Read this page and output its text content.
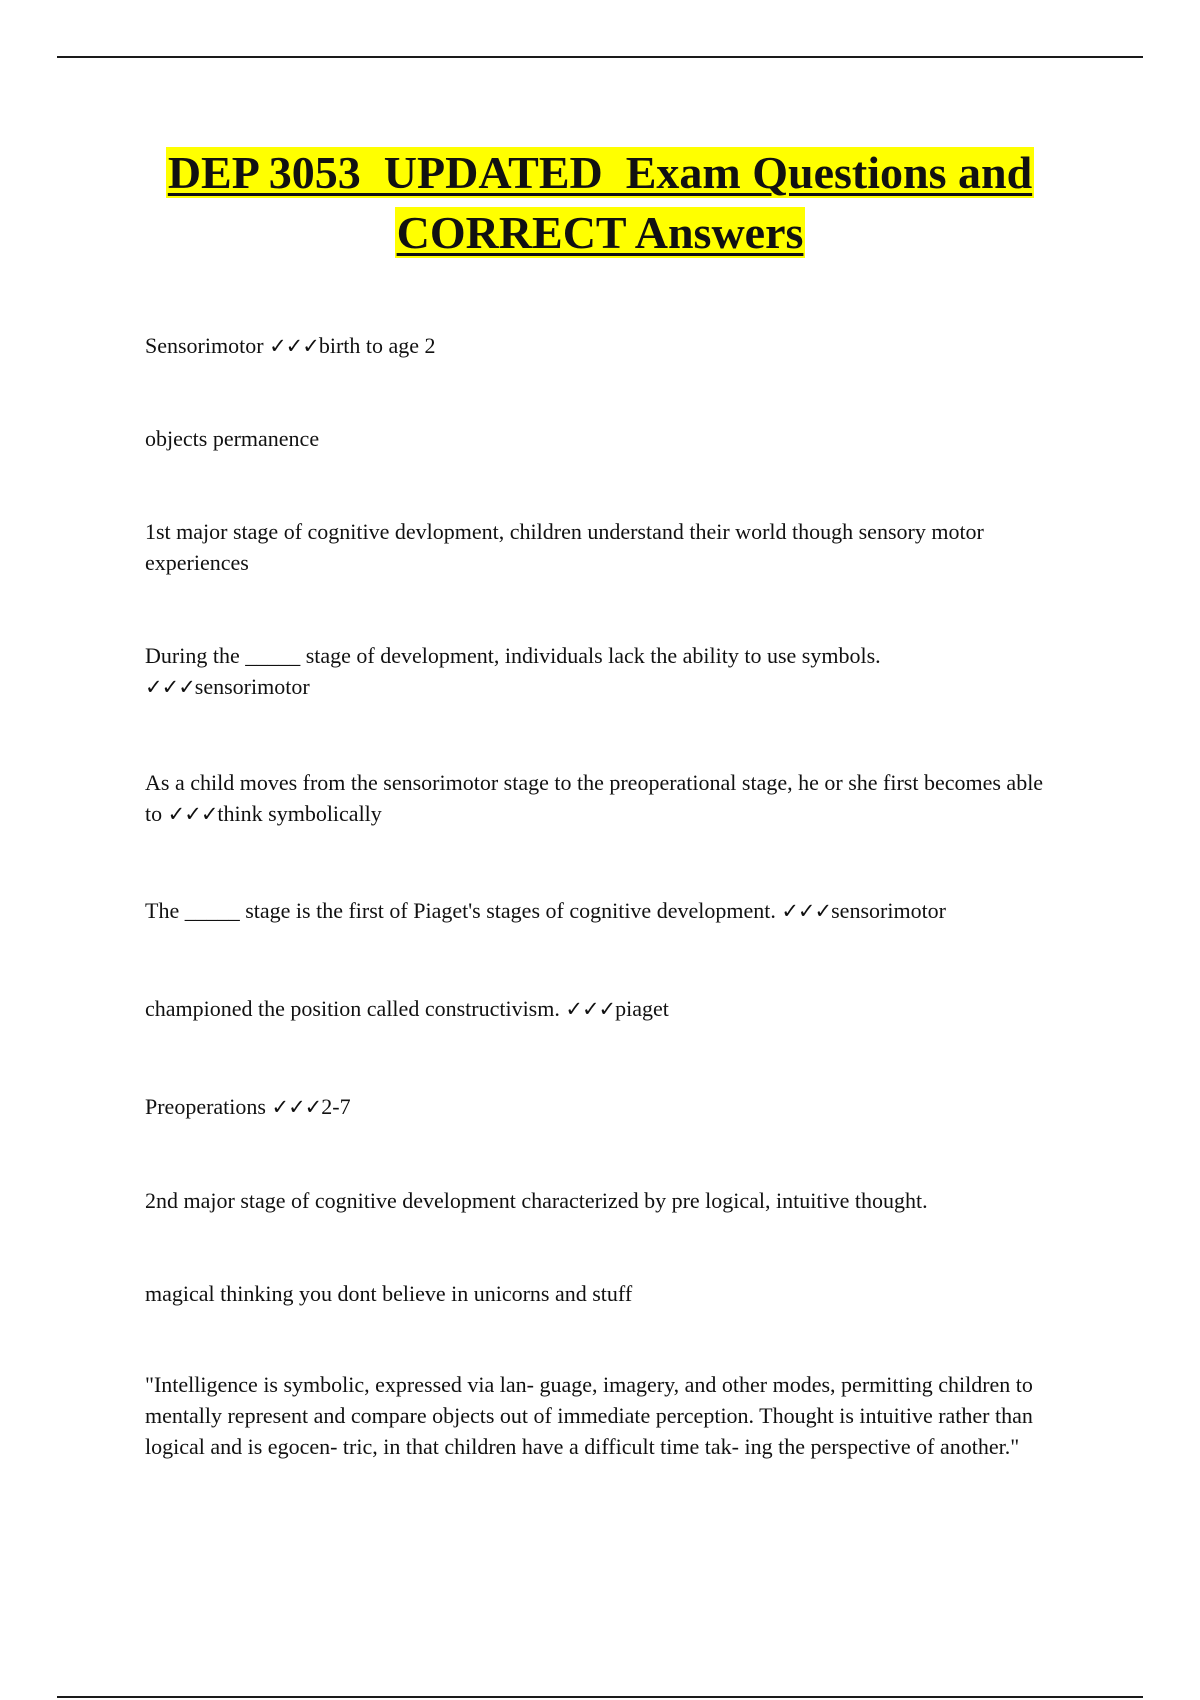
DEP 3053  UPDATED  Exam Questions and
CORRECT Answers

Sensorimotor ✓✓✓birth to age 2

objects permanence

1st major stage of cognitive devlopment, children understand their world though sensory motor experiences

During the _____ stage of development, individuals lack the ability to use symbols.
✓✓✓sensorimotor

As a child moves from the sensorimotor stage to the preoperational stage, he or she first becomes able to ✓✓✓think symbolically

The _____ stage is the first of Piaget's stages of cognitive development. ✓✓✓sensorimotor

championed the position called constructivism. ✓✓✓piaget

Preoperations ✓✓✓2-7

2nd major stage of cognitive development characterized by pre logical, intuitive thought.

magical thinking you dont believe in unicorns and stuff

"Intelligence is symbolic, expressed via lan- guage, imagery, and other modes, permitting children to mentally represent and compare objects out of immediate perception. Thought is intuitive rather than logical and is egocen- tric, in that children have a difficult time tak- ing the perspective of another."
